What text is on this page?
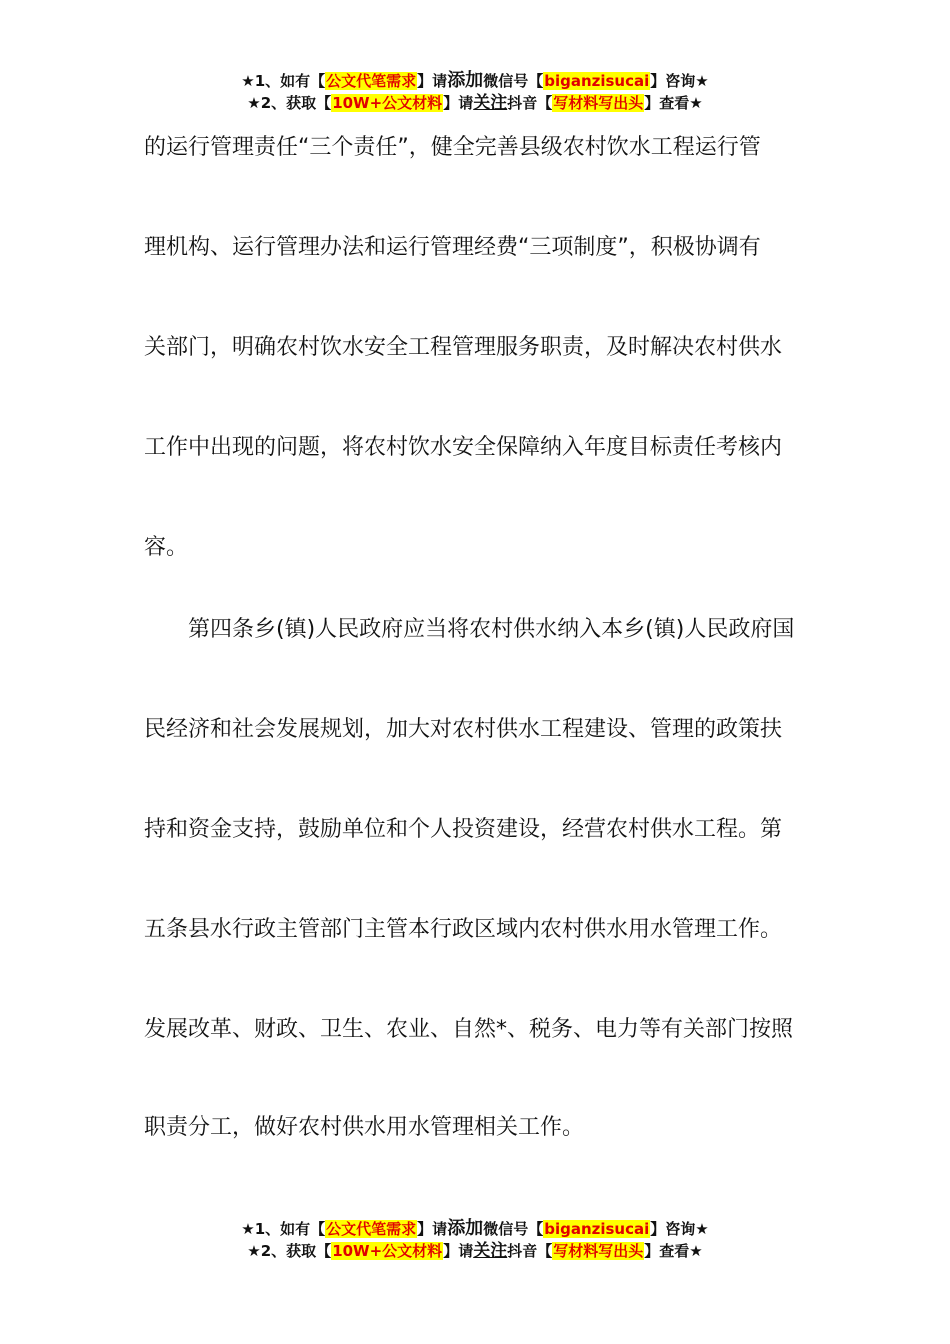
★1、如有【公文代笔需求】请添加微信号【biganzisucai】咨询★
★2、获取【10W+公文材料】请关注抖音【写材料写出头】查看★
的运行管理责任“三个责任”，健全完善县级农村饮水工程运行管
理机构、运行管理办法和运行管理经费“三项制度”，积极协调有
关部门，明确农村饮水安全工程管理服务职责，及时解决农村供水
工作中出现的问题，将农村饮水安全保障纳入年度目标责任考核内
容。
第四条乡(镇)人民政府应当将农村供水纳入本乡(镇)人民政府国
民经济和社会发展规划，加大对农村供水工程建设、管理的政策扶
持和资金支持，鼓励单位和个人投资建设，经营农村供水工程。第
五条县水行政主管部门主管本行政区域内农村供水用水管理工作。
发展改革、财政、卫生、农业、自然*、税务、电力等有关部门按照
职责分工，做好农村供水用水管理相关工作。
★1、如有【公文代笔需求】请添加微信号【biganzisucai】咨询★
★2、获取【10W+公文材料】请关注抖音【写材料写出头】查看★
